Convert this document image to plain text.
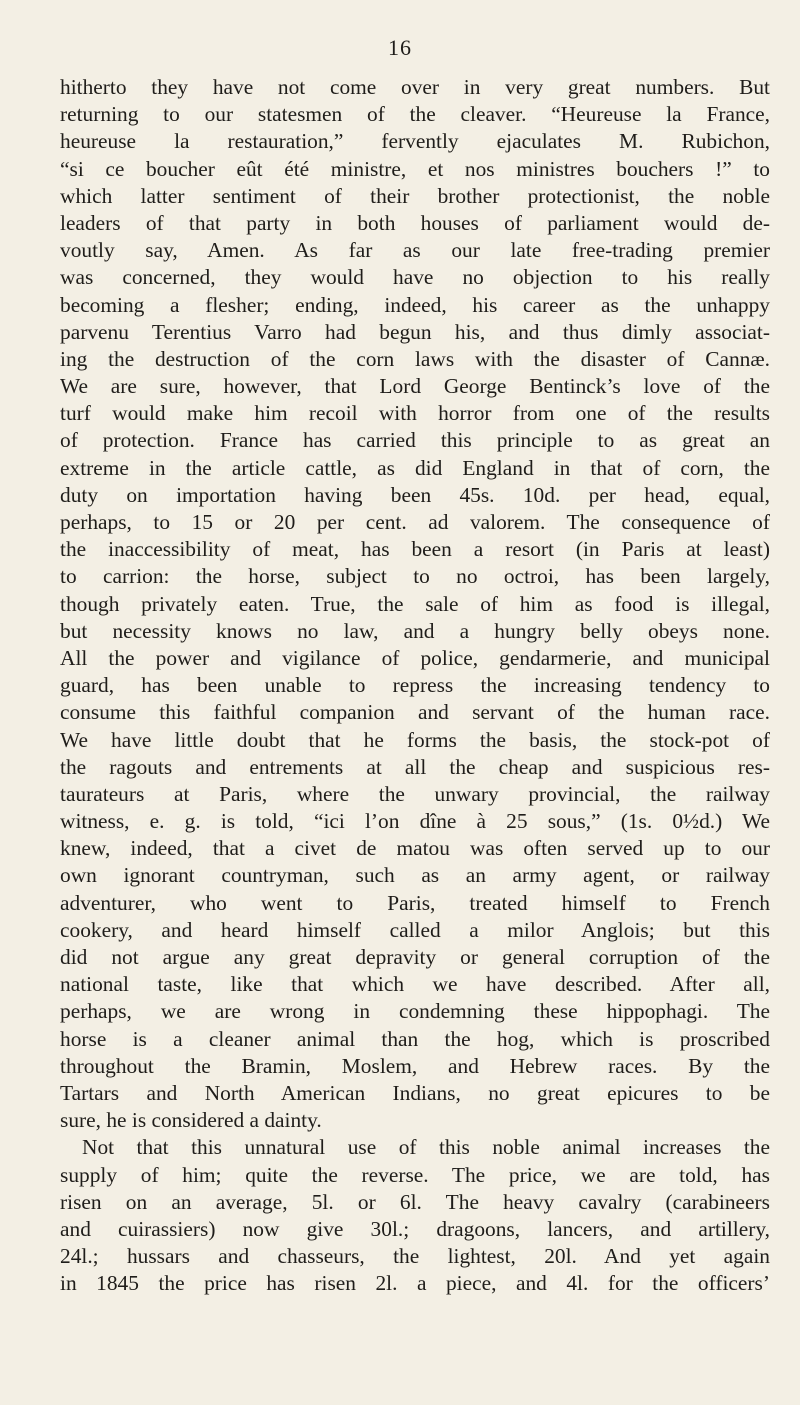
16
hitherto they have not come over in very great numbers. But
returning to our statesmen of the cleaver. “Heureuse la France,
heureuse la restauration,” fervently ejaculates M. Rubichon,
“si ce boucher eût été ministre, et nos ministres bouchers !” to
which latter sentiment of their brother protectionist, the noble
leaders of that party in both houses of parliament would de-
voutly say, Amen. As far as our late free-trading premier
was concerned, they would have no objection to his really
becoming a flesher; ending, indeed, his career as the unhappy
parvenu Terentius Varro had begun his, and thus dimly associat-
ing the destruction of the corn laws with the disaster of Cannæ.
We are sure, however, that Lord George Bentinck’s love of the
turf would make him recoil with horror from one of the results
of protection. France has carried this principle to as great an
extreme in the article cattle, as did England in that of corn, the
duty on importation having been 45s. 10d. per head, equal,
perhaps, to 15 or 20 per cent. ad valorem. The consequence of
the inaccessibility of meat, has been a resort (in Paris at least)
to carrion: the horse, subject to no octroi, has been largely,
though privately eaten. True, the sale of him as food is illegal,
but necessity knows no law, and a hungry belly obeys none.
All the power and vigilance of police, gendarmerie, and municipal
guard, has been unable to repress the increasing tendency to
consume this faithful companion and servant of the human race.
We have little doubt that he forms the basis, the stock-pot of
the ragouts and entrements at all the cheap and suspicious res-
taurateurs at Paris, where the unwary provincial, the railway
witness, e. g. is told, “ici l’on dîne à 25 sous,” (1s. 0½d.) We
knew, indeed, that a civet de matou was often served up to our
own ignorant countryman, such as an army agent, or railway
adventurer, who went to Paris, treated himself to French
cookery, and heard himself called a milor Anglois; but this
did not argue any great depravity or general corruption of the
national taste, like that which we have described. After all,
perhaps, we are wrong in condemning these hippophagi. The
horse is a cleaner animal than the hog, which is proscribed
throughout the Bramin, Moslem, and Hebrew races. By the
Tartars and North American Indians, no great epicures to be
sure, he is considered a dainty.
Not that this unnatural use of this noble animal increases the
supply of him; quite the reverse. The price, we are told, has
risen on an average, 5l. or 6l. The heavy cavalry (carabineers
and cuirassiers) now give 30l.; dragoons, lancers, and artillery,
24l.; hussars and chasseurs, the lightest, 20l. And yet again
in 1845 the price has risen 2l. a piece, and 4l. for the officers’
